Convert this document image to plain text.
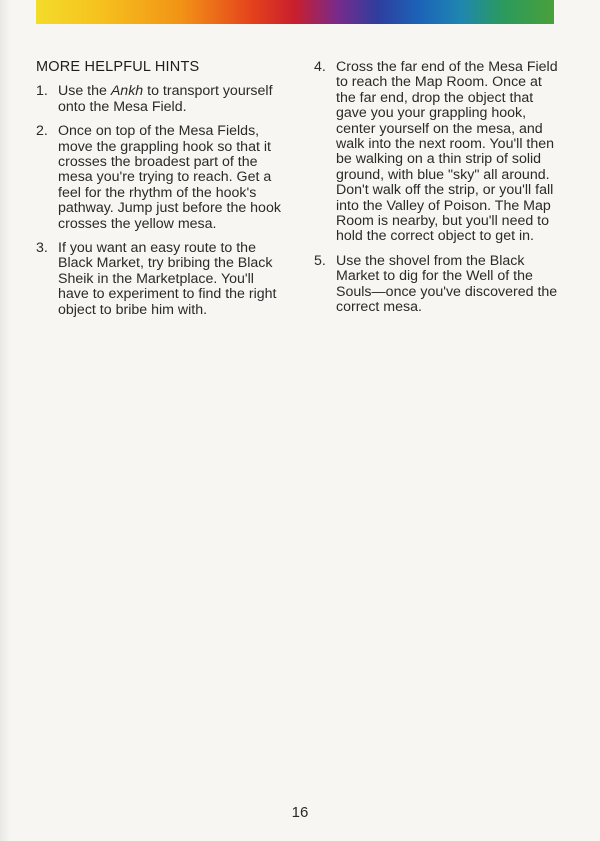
MORE HELPFUL HINTS
1. Use the Ankh to transport yourself onto the Mesa Field.
2. Once on top of the Mesa Fields, move the grappling hook so that it crosses the broadest part of the mesa you're trying to reach. Get a feel for the rhythm of the hook's pathway. Jump just before the hook crosses the yellow mesa.
3. If you want an easy route to the Black Market, try bribing the Black Sheik in the Marketplace. You'll have to experiment to find the right object to bribe him with.
4. Cross the far end of the Mesa Field to reach the Map Room. Once at the far end, drop the object that gave you your grappling hook, center yourself on the mesa, and walk into the next room. You'll then be walking on a thin strip of solid ground, with blue "sky" all around. Don't walk off the strip, or you'll fall into the Valley of Poison. The Map Room is nearby, but you'll need to hold the correct object to get in.
5. Use the shovel from the Black Market to dig for the Well of the Souls—once you've discovered the correct mesa.
16
